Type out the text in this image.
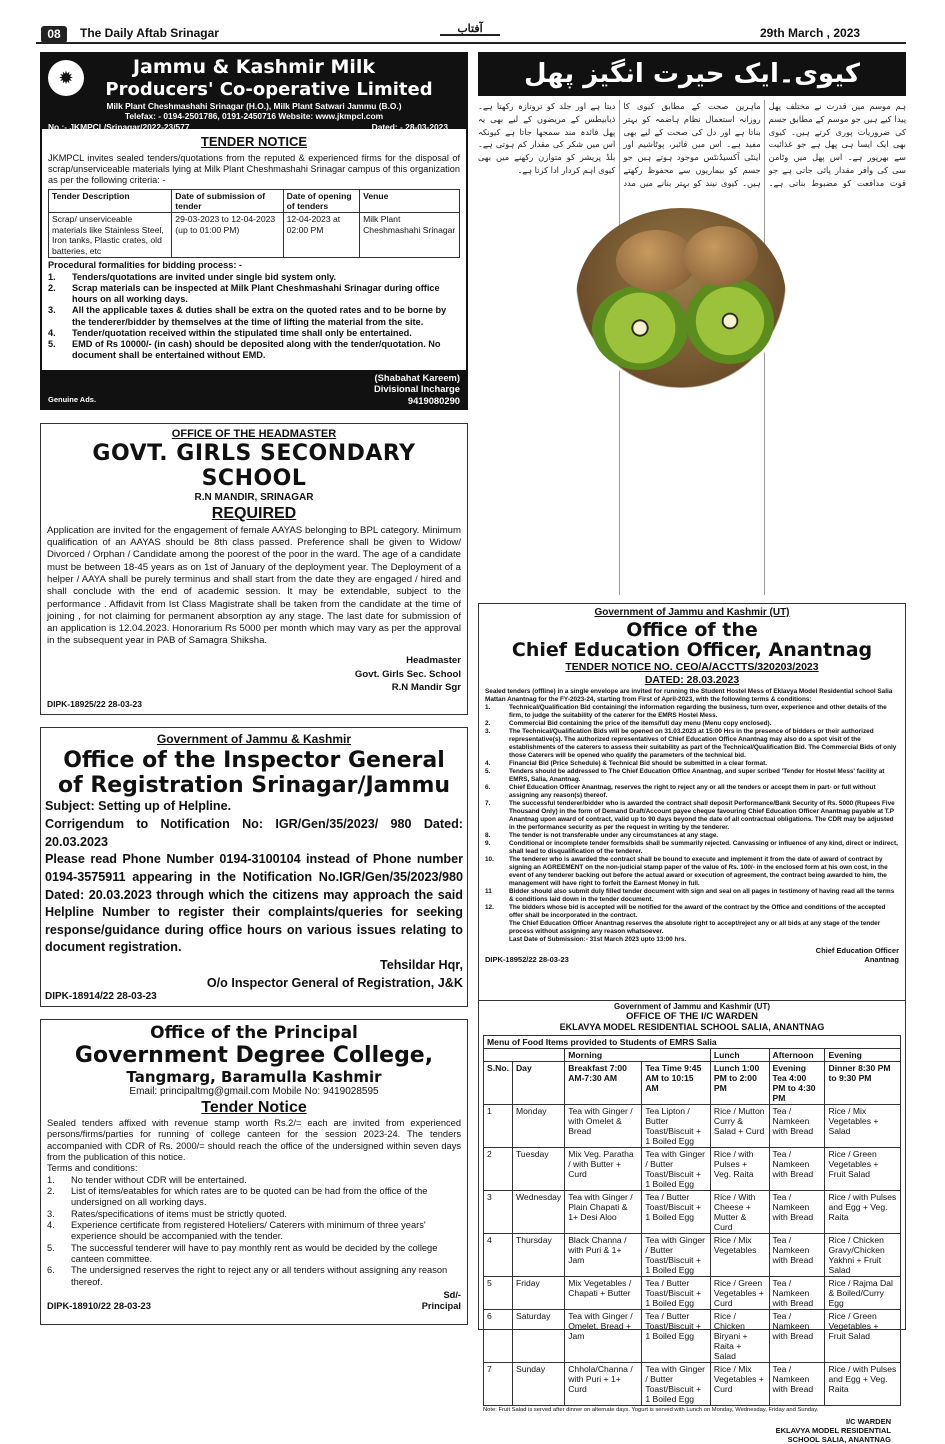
08	The Daily Aftab Srinagar	آفتاب	29th March , 2023
✹	Jammu & Kashmir Milk
Producers' Co-operative Limited
Milk Plant Cheshmashahi Srinagar (H.O.), Milk Plant Satwari Jammu (B.O.)
Telefax: - 0194-2501786, 0191-2450716 Website: www.jkmpcl.com
No.:- JKMPCL/Srinagar/2022-23/577	Dated: - 28-03-2023
TENDER NOTICE
JKMPCL invites sealed tenders/quotations from the reputed & experienced firms for the disposal of scrap/unserviceable materials lying at Milk Plant Cheshmashahi Srinagar campus of this organization as per the following criteria: -
Tender Description	Date of submission of tender	Date of opening of tenders	Venue
Scrap/ unserviceable materials like Stainless Steel, Iron tanks, Plastic crates, old batteries, etc	29-03-2023 to 12-04-2023 (up to 01:00 PM)	12-04-2023 at 02:00 PM	Milk Plant Cheshmashahi Srinagar
Procedural formalities for bidding process: -
1.	Tenders/quotations are invited under single bid system only.
2.	Scrap materials can be inspected at Milk Plant Cheshmashahi Srinagar during office hours on all working days.
3.	All the applicable taxes & duties shall be extra on the quoted rates and to be borne by the tenderer/bidder by themselves at the time of lifting the material from the site.
4.	Tender/quotation received within the stipulated time shall only be entertained.
5.	EMD of Rs 10000/- (in cash) should be deposited along with the tender/quotation. No document shall be entertained without EMD.
(Shabahat Kareem)
Divisional Incharge
Genuine Ads.	9419080290
OFFICE OF THE HEADMASTER
GOVT. GIRLS SECONDARY SCHOOL
R.N MANDIR, SRINAGAR
REQUIRED
Application are invited for the engagement of female AAYAS belonging to BPL category. Minimum qualification of an AAYAS should be 8th class passed. Preference shall be given to Widow/ Divorced / Orphan / Candidate among the poorest of the poor in the ward. The age of a candidate must be between 18-45 years as on 1st of January of the deployment year. The Deployment of a helper / AAYA shall be purely terminus and shall start from the date they are engaged / hired and shall conclude with the end of academic session. It may be extendable, subject to the performance . Affidavit from Ist Class Magistrate shall be taken from the candidate at the time of joining , for not claiming for permanent absorption ay any stage. The last date for submission of an application is 12.04.2023. Honorarium Rs 5000 per month which may vary as per the approval in the subsequent year in PAB of Samagra Shiksha.
Headmaster
Govt. Girls Sec. School
R.N Mandir Sgr
DIPK-18925/22 28-03-23
Government of Jammu & Kashmir
Office of the Inspector General
of Registration Srinagar/Jammu
Subject: Setting up of Helpline.
Corrigendum to Notification No: IGR/Gen/35/2023/ 980 Dated: 20.03.2023
Please read Phone Number 0194-3100104 instead of Phone number 0194-3575911 appearing in the Notification No.IGR/Gen/35/2023/980 Dated: 20.03.2023 through which the citizens may approach the said Helpline Number to register their complaints/queries for seeking response/guidance during office hours on various issues relating to document registration.
Tehsildar Hqr,
O/o Inspector General of Registration, J&K
DIPK-18914/22 28-03-23
Office of the Principal
Government Degree College,
Tangmarg, Baramulla Kashmir
Email: principaltmg@gmail.com Mobile No: 9419028595
Tender Notice
Sealed tenders affixed with revenue stamp worth Rs.2/= each are invited from experienced persons/firms/parties for running of college canteen for the session 2023-24. The tenders accompanied with CDR of Rs. 2000/= should reach the office of the undersigned within seven days from the publication of this notice.
Terms and conditions:
1.	No tender without CDR will be entertained.
2.	List of items/eatables for which rates are to be quoted can be had from the office of the undersigned on all working days.
3.	Rates/specifications of items must be strictly quoted.
4.	Experience certificate from registered Hoteliers/ Caterers with minimum of three years' experience should be accompanied with the tender.
5.	The successful tenderer will have to pay monthly rent as would be decided by the college canteen committee.
6.	The undersigned reserves the right to reject any or all tenders without assigning any reason thereof.
Sd/-
DIPK-18910/22 28-03-23	Principal
کیوی۔ایک حیرت انگیز پھل
ہم موسم میں قدرت نے مختلف پھل پیدا کیے ہیں جو موسم کے مطابق جسم کی ضروریات پوری کرتے ہیں۔ کیوی بھی ایک ایسا ہی پھل ہے جو غذائیت سے بھرپور ہے۔ اس پھل میں وٹامن سی کی وافر مقدار پائی جاتی ہے جو قوت مدافعت کو مضبوط بناتی ہے۔ ماہرین صحت کے مطابق کیوی کا روزانہ استعمال نظام ہاضمہ کو بہتر بناتا ہے اور دل کی صحت کے لیے بھی مفید ہے۔ اس میں فائبر، پوٹاشیم اور اینٹی آکسیڈنٹس موجود ہوتے ہیں جو جسم کو بیماریوں سے محفوظ رکھتے ہیں۔ کیوی نیند کو بہتر بنانے میں مدد دیتا ہے اور جلد کو تروتازہ رکھتا ہے۔ ذیابیطس کے مریضوں کے لیے بھی یہ پھل فائدہ مند سمجھا جاتا ہے کیونکہ اس میں شکر کی مقدار کم ہوتی ہے۔ بلڈ پریشر کو متوازن رکھنے میں بھی کیوی اہم کردار ادا کرتا ہے۔
Government of Jammu and Kashmir (UT)
Office of the
Chief Education Officer, Anantnag
TENDER NOTICE NO. CEO/A/ACCTTS/320203/2023
DATED: 28.03.2023
Sealed tenders (offline) in a single envelope are invited for running the Student Hostel Mess of Eklavya Model Residential school Salia Mattan Anantnag for the FY-2023-24, starting from First of April-2023, with the following terms & conditions:
1.	Technical/Qualification Bid containing/ the information regarding the business, turn over, experience and other details of the firm, to judge the suitability of the caterer for the EMRS Hostel Mess.
2.	Commercial Bid containing the price of the items/full day menu (Menu copy enclosed).
3.	The Technical/Qualification Bids will be opened on 31.03.2023 at 15:00 Hrs in the presence of bidders or their authorized representative(s). The authorized representatives of Chief Education Office Anantnag may also do a spot visit of the establishments of the caterers to assess their suitability as part of the Technical/Qualification Bid. The Commercial Bids of only those Caterers will be opened who qualify the parameters of the technical bid.
4.	Financial Bid (Price Schedule) & Technical Bid should be submitted in a clear format.
5.	Tenders should be addressed to The Chief Education Office Anantnag, and super scribed 'Tender for Hostel Mess' facility at EMRS, Salia, Anantnag.
6.	Chief Education Officer Anantnag, reserves the right to reject any or all the tenders or accept them in part- or full without assigning any reason(s) thereof.
7.	The successful tenderer/bidder who is awarded the contract shall deposit Performance/Bank Security of Rs. 5000 (Rupees Five Thousand Only) in the form of Demand Draft/Account payee cheque favouring Chief Education Officer Anantnag payable at T.P Anantnag upon award of contract, valid up to 90 days beyond the date of all contractual obligations. The CDR may be adjusted in the performance security as per the request in writing by the tenderer.
8.	The tender is not transferable under any circumstances at any stage.
9.	Conditional or incomplete tender forms/bids shall be summarily rejected. Canvassing or influence of any kind, direct or indirect, shall lead to disqualification of the tenderer.
10.	The tenderer who is awarded the contract shall be bound to execute and implement it from the date of award of contract by signing an AGREEMENT on the non-judicial stamp paper of the value of Rs. 100/- in the enclosed form at his own cost, in the event of any tenderer backing out before the actual award or execution of agreement, the contract being awarded to him, the management will have right to forfeit the Earnest Money in full.
11	Bidder should also submit duly filled tender document with sign and seal on all pages in testimony of having read all the terms & conditions laid down in the tender document.
12.	The bidders whose bid is accepted will be notified for the award of the contract by the Office and conditions of the accepted offer shall be incorporated in the contract.
The Chief Education Officer Anantnag reserves the absolute right to accept/reject any or all bids at any stage of the tender process without assigning any reason whatsoever.
Last Date of Submission:- 31st March 2023 upto 13:00 hrs.
Chief Education Officer
Anantnag
DIPK-18952/22 28-03-23
Government of Jammu and Kashmir (UT)
OFFICE OF THE I/C WARDEN
EKLAVYA MODEL RESIDENTIAL SCHOOL SALIA, ANANTNAG
Menu of Food Items provided to Students of EMRS Salia						
		Morning		Lunch	Afternoon	Evening
S.No.	Day	Breakfast 7:00 AM-7:30 AM	Tea Time 9:45 AM to 10:15 AM	Lunch 1:00 PM to 2:00 PM	Evening Tea 4:00 PM to 4:30 PM	Dinner 8:30 PM to 9:30 PM
1	Monday	Tea with Ginger / with Omelet & Bread	Tea Lipton / Butter Toast/Biscuit + 1 Boiled Egg	Rice / Mutton Curry & Salad + Curd	Tea / Namkeen with Bread	Rice / Mix Vegetables + Salad
2	Tuesday	Mix Veg. Paratha / with Butter + Curd	Tea with Ginger / Butter Toast/Biscuit + 1 Boiled Egg	Rice / with Pulses + Veg. Raita	Tea / Namkeen with Bread	Rice / Green Vegetables + Fruit Salad
3	Wednesday	Tea with Ginger / Plain Chapati & 1+ Desi Aloo	Tea / Butter Toast/Biscuit + 1 Boiled Egg	Rice / With Cheese + Mutter & Curd	Tea / Namkeen with Bread	Rice / with Pulses and Egg + Veg. Raita
4	Thursday	Black Channa / with Puri & 1+ Jam	Tea with Ginger / Butter Toast/Biscuit + 1 Boiled Egg	Rice / Mix Vegetables	Tea / Namkeen with Bread	Rice / Chicken Gravy/Chicken Yakhni + Fruit Salad
5	Friday	Mix Vegetables / Chapati + Butter	Tea / Butter Toast/Biscuit + 1 Boiled Egg	Rice / Green Vegetables + Curd	Tea / Namkeen with Bread	Rice / Rajma Dal & Boiled/Curry Egg
6	Saturday	Tea with Ginger / Omelet, Bread + Jam	Tea / Butter Toast/Biscuit + 1 Boiled Egg	Rice / Chicken Biryani + Raita + Salad	Tea / Namkeen with Bread	Rice / Green Vegetables + Fruit Salad
7	Sunday	Chhola/Channa / with Puri + 1+ Curd	Tea with Ginger / Butter Toast/Biscuit + 1 Boiled Egg	Rice / Mix Vegetables + Curd	Tea / Namkeen with Bread	Rice / with Pulses and Egg + Veg. Raita
Note: Fruit Salad is served after dinner on alternate days. Yogurt is served with Lunch on Monday, Wednesday, Friday and Sunday.
I/C WARDEN
EKLAVYA MODEL RESIDENTIAL
SCHOOL SALIA, ANANTNAG
